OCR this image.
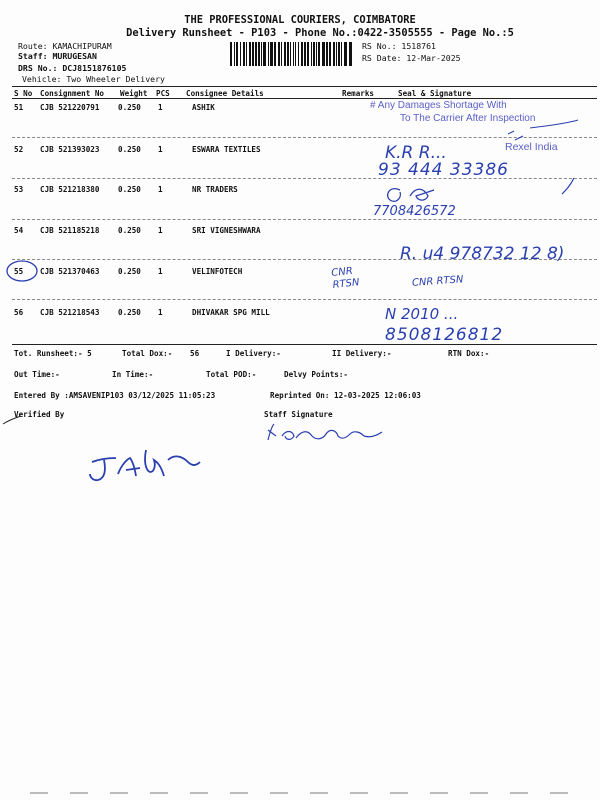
THE PROFESSIONAL COURIERS, COIMBATORE
Delivery Runsheet - P103 - Phone No.:0422-3505555 - Page No.:5
Route: KAMACHIPURAM
Staff: MURUGESAN
DRS No.: DCJ8151876105
Vehicle: Two Wheeler Delivery
RS No.: 1518761
RS Date: 12-Mar-2025
S No Consignment No Weight PCS Consignee Details	Remarks	Seal & Signature
51 CJB 521220791 0.250 1	ASHIK
52 CJB 521393023 0.250 1	ESWARA TEXTILES
53 CJB 521218380 0.250 1	NR TRADERS
54 CJB 521185218 0.250 1	SRI VIGNESHWARA
55 CJB 521370463 0.250 1	VELINFOTECH
56 CJB 521218543 0.250 1	DHIVAKAR SPG MILL
Tot. Runsheet:- 5	Total Dox:- 56	I Delivery:-	II Delivery:-	RTN Dox:-
Out Time:-	In Time:-	Total POD:-	Delvy Points:-
Entered By :AMSAVENIP103 03/12/2025 11:05:23	Reprinted On: 12-03-2025 12:06:03
Verified By	Staff Signature
# Any Damages Shortage With
To The Carrier After Inspection
Rexel India
K.R R...
93 444 33386
7708426572
R. u4 978732 12 8)
CNR RTSN	CNR RTSN
N 2010 ...
8508126812
